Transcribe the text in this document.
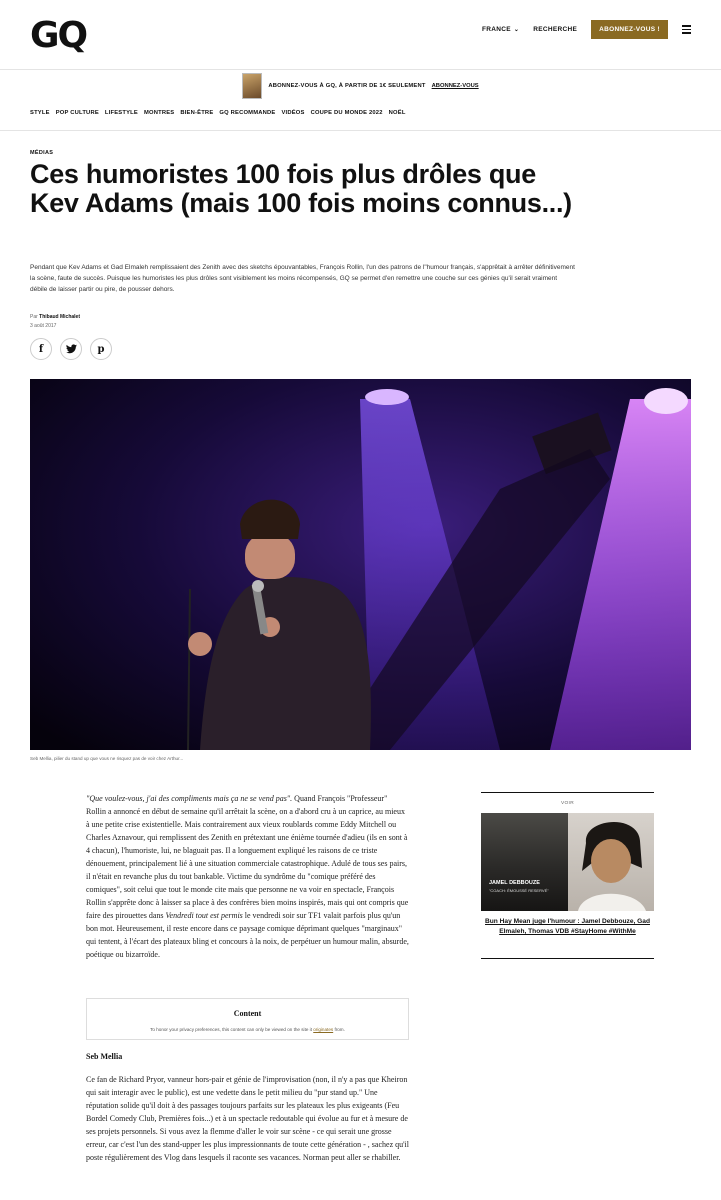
GQ	FRANCE ⌄ RECHERCHE	ABONNEZ-VOUS !
ABONNEZ-VOUS À GQ, À PARTIR DE 1€ SEULEMENT ABONNEZ-VOUS
STYLE POP CULTURE LIFESTYLE MONTRES BIEN-ÊTRE GQ RECOMMANDE VIDÉOS COUPE DU MONDE 2022 NOËL
MÉDIAS
Ces humoristes 100 fois plus drôles que Kev Adams (mais 100 fois moins connus...)

Pendant que Kev Adams et Gad Elmaleh remplissaient des Zenith avec des sketchs épouvantables, François Rollin, l'un des patrons de l"humour français, s'apprêtait à arrêter définitivement la scène, faute de succès. Puisque les humoristes les plus drôles sont visiblement les moins récompensés, GQ se permet d'en remettre une couche sur ces génies qu'il serait vraiment débile de laisser partir ou pire, de pousser dehors.

Par Thibaud Michalet
3 août 2017
f	p
Seb Mellia, pilier du stand up que vous ne risquez pas de voir chez Arthur...

"Que voulez-vous, j'ai des compliments mais ça ne se vend pas". Quand François "Professeur" Rollin a annoncé en début de semaine qu'il arrêtait la scène, on a d'abord cru à un caprice, au mieux à une petite crise existentielle. Mais contrairement aux vieux roublards comme Eddy Mitchell ou Charles Aznavour, qui remplissent des Zenith en prétextant une énième tournée d'adieu (ils en sont à 4 chacun), l'humoriste, lui, ne blaguait pas. Il a longuement expliqué les raisons de ce triste dénouement, principalement lié à une situation commerciale catastrophique. Adulé de tous ses pairs, il n'était en revanche plus du tout bankable. Victime du syndrôme du "comique préféré des comiques", soit celui que tout le monde cite mais que personne ne va voir en spectacle, François Rollin s'apprête donc à laisser sa place à des confrères bien moins inspirés, mais qui ont compris que faire des pirouettes dans Vendredi tout est permis le vendredi soir sur TF1 valait parfois plus qu'un bon mot. Heureusement, il reste encore dans ce paysage comique déprimant quelques "marginaux" qui tentent, à l'écart des plateaux bling et concours à la noix, de perpétuer un humour malin, absurde, poétique ou bizarroïde.

Content
To honor your privacy preferences, this content can only be viewed on the site it originates from.
Seb Mellia

Ce fan de Richard Pryor, vanneur hors-pair et génie de l'improvisation (non, il n'y a pas que Kheiron qui sait interagir avec le public), est une vedette dans le petit milieu du "pur stand up." Une réputation solide qu'il doit à des passages toujours parfaits sur les plateaux les plus exigeants (Feu Bordel Comedy Club, Premières fois...) et à un spectacle redoutable qui évolue au fur et à mesure de ses projets personnels. Si vous avez la flemme d'aller le voir sur scène - ce qui serait une grosse erreur, car c'est l'un des stand-upper les plus impressionnants de toute cette génération - , sachez qu'il poste régulièrement des Vlog dans lesquels il raconte ses vacances. Norman peut aller se rhabiller.

VOIR
JAMEL DEBBOUZE
"COACH: ÉMOUSSÉ RESERVÉ"
Bun Hay Mean juge l'humour : Jamel Debbouze, Gad Elmaleh, Thomas VDB #StayHome #WithMe
